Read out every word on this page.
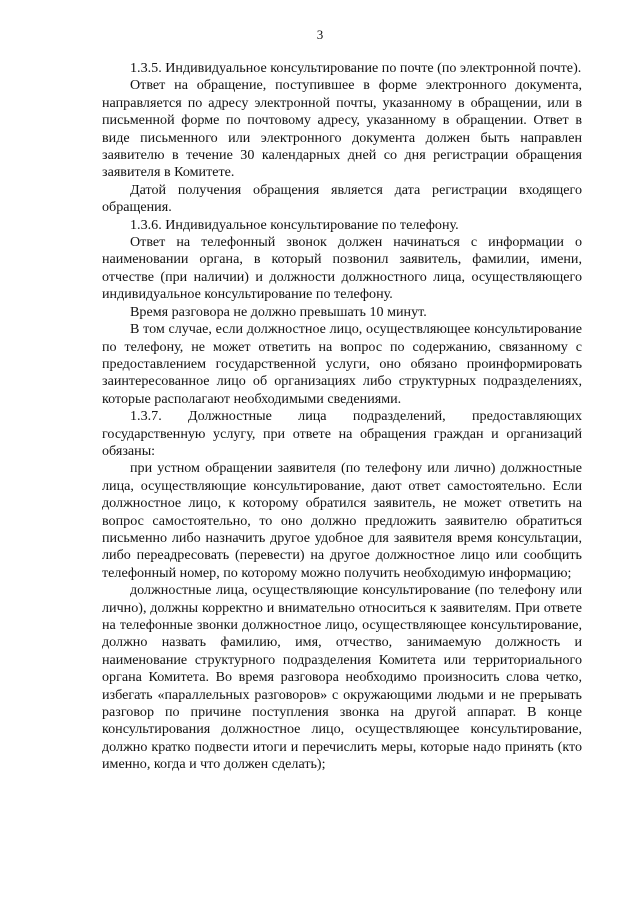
3

1.3.5. Индивидуальное консультирование по почте (по электронной почте).

Ответ на обращение, поступившее в форме электронного документа, направляется по адресу электронной почты, указанному в обращении, или в письменной форме по почтовому адресу, указанному в обращении. Ответ в виде письменного или электронного документа должен быть направлен заявителю в течение 30 календарных дней со дня регистрации обращения заявителя в Комитете.

Датой получения обращения является дата регистрации входящего обращения.

1.3.6. Индивидуальное консультирование по телефону.

Ответ на телефонный звонок должен начинаться с информации о наименовании органа, в который позвонил заявитель, фамилии, имени, отчестве (при наличии) и должности должностного лица, осуществляющего индивидуальное консультирование по телефону.

Время разговора не должно превышать 10 минут.

В том случае, если должностное лицо, осуществляющее консультирование по телефону, не может ответить на вопрос по содержанию, связанному с предоставлением государственной услуги, оно обязано проинформировать заинтересованное лицо об организациях либо структурных подразделениях, которые располагают необходимыми сведениями.

1.3.7. Должностные лица подразделений, предоставляющих государственную услугу, при ответе на обращения граждан и организаций обязаны:

при устном обращении заявителя (по телефону или лично) должностные лица, осуществляющие консультирование, дают ответ самостоятельно. Если должностное лицо, к которому обратился заявитель, не может ответить на вопрос самостоятельно, то оно должно предложить заявителю обратиться письменно либо назначить другое удобное для заявителя время консультации, либо переадресовать (перевести) на другое должностное лицо или сообщить телефонный номер, по которому можно получить необходимую информацию;

должностные лица, осуществляющие консультирование (по телефону или лично), должны корректно и внимательно относиться к заявителям. При ответе на телефонные звонки должностное лицо, осуществляющее консультирование, должно назвать фамилию, имя, отчество, занимаемую должность и наименование структурного подразделения Комитета или территориального органа Комитета. Во время разговора необходимо произносить слова четко, избегать «параллельных разговоров» с окружающими людьми и не прерывать разговор по причине поступления звонка на другой аппарат. В конце консультирования должностное лицо, осуществляющее консультирование, должно кратко подвести итоги и перечислить меры, которые надо принять (кто именно, когда и что должен сделать);
